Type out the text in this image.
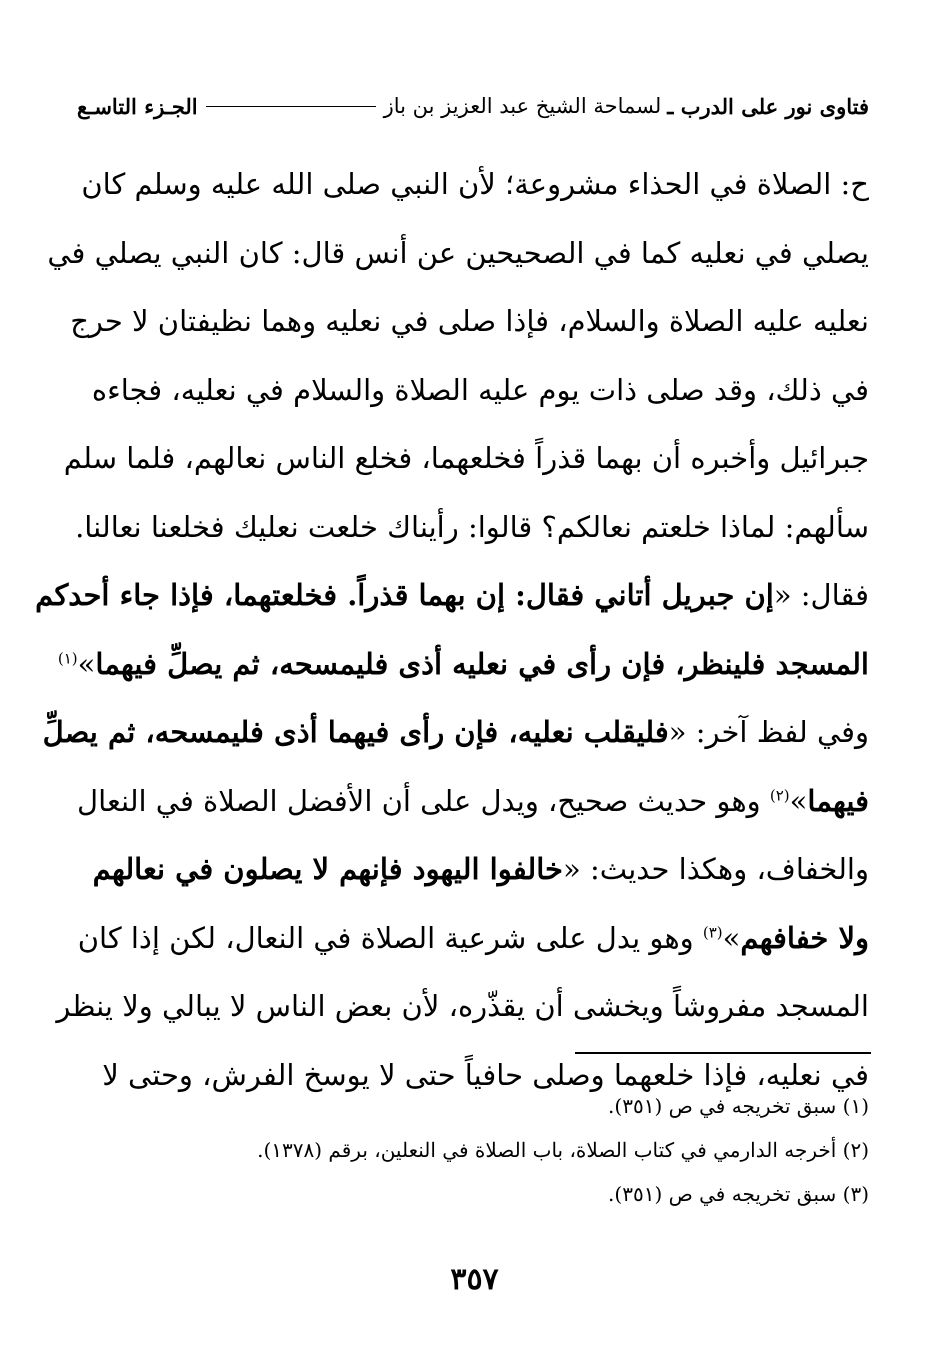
فتاوى نور على الدرب ـ
لسماحة الشيخ عبد العزيز بن باز
الجـزء التاسـع
ح: الصلاة في الحذاء مشروعة؛ لأن النبي صلى الله عليه وسلم كان
يصلي في نعليه كما في الصحيحين عن أنس قال: كان النبي يصلي في
نعليه عليه الصلاة والسلام، فإذا صلى في نعليه وهما نظيفتان لا حرج
في ذلك، وقد صلى ذات يوم عليه الصلاة والسلام في نعليه، فجاءه
جبرائيل وأخبره أن بهما قذراً فخلعهما، فخلع الناس نعالهم، فلما سلم
سألهم: لماذا خلعتم نعالكم؟ قالوا: رأيناك خلعت نعليك فخلعنا نعالنا.
فقال: «إن جبريل أتاني فقال: إن بهما قذراً. فخلعتهما، فإذا جاء أحدكم
المسجد فلينظر، فإن رأى في نعليه أذى فليمسحه، ثم يصلِّ فيهما»$^{(١)}$
وفي لفظ آخر: «فليقلب نعليه، فإن رأى فيهما أذى فليمسحه، ثم يصلِّ
فيهما»$^{(٢)}$ وهو حديث صحيح، ويدل على أن الأفضل الصلاة في النعال
والخفاف، وهكذا حديث: «خالفوا اليهود فإنهم لا يصلون في نعالهم
ولا خفافهم»$^{(٣)}$ وهو يدل على شرعية الصلاة في النعال، لكن إذا كان
المسجد مفروشاً ويخشى أن يقذّره، لأن بعض الناس لا يبالي ولا ينظر
في نعليه، فإذا خلعهما وصلى حافياً حتى لا يوسخ الفرش، وحتى لا
(١) سبق تخريجه في ص (٣٥١).
(٢) أخرجه الدارمي في كتاب الصلاة، باب الصلاة في النعلين، برقم (١٣٧٨).
(٣) سبق تخريجه في ص (٣٥١).
٣٥٧
